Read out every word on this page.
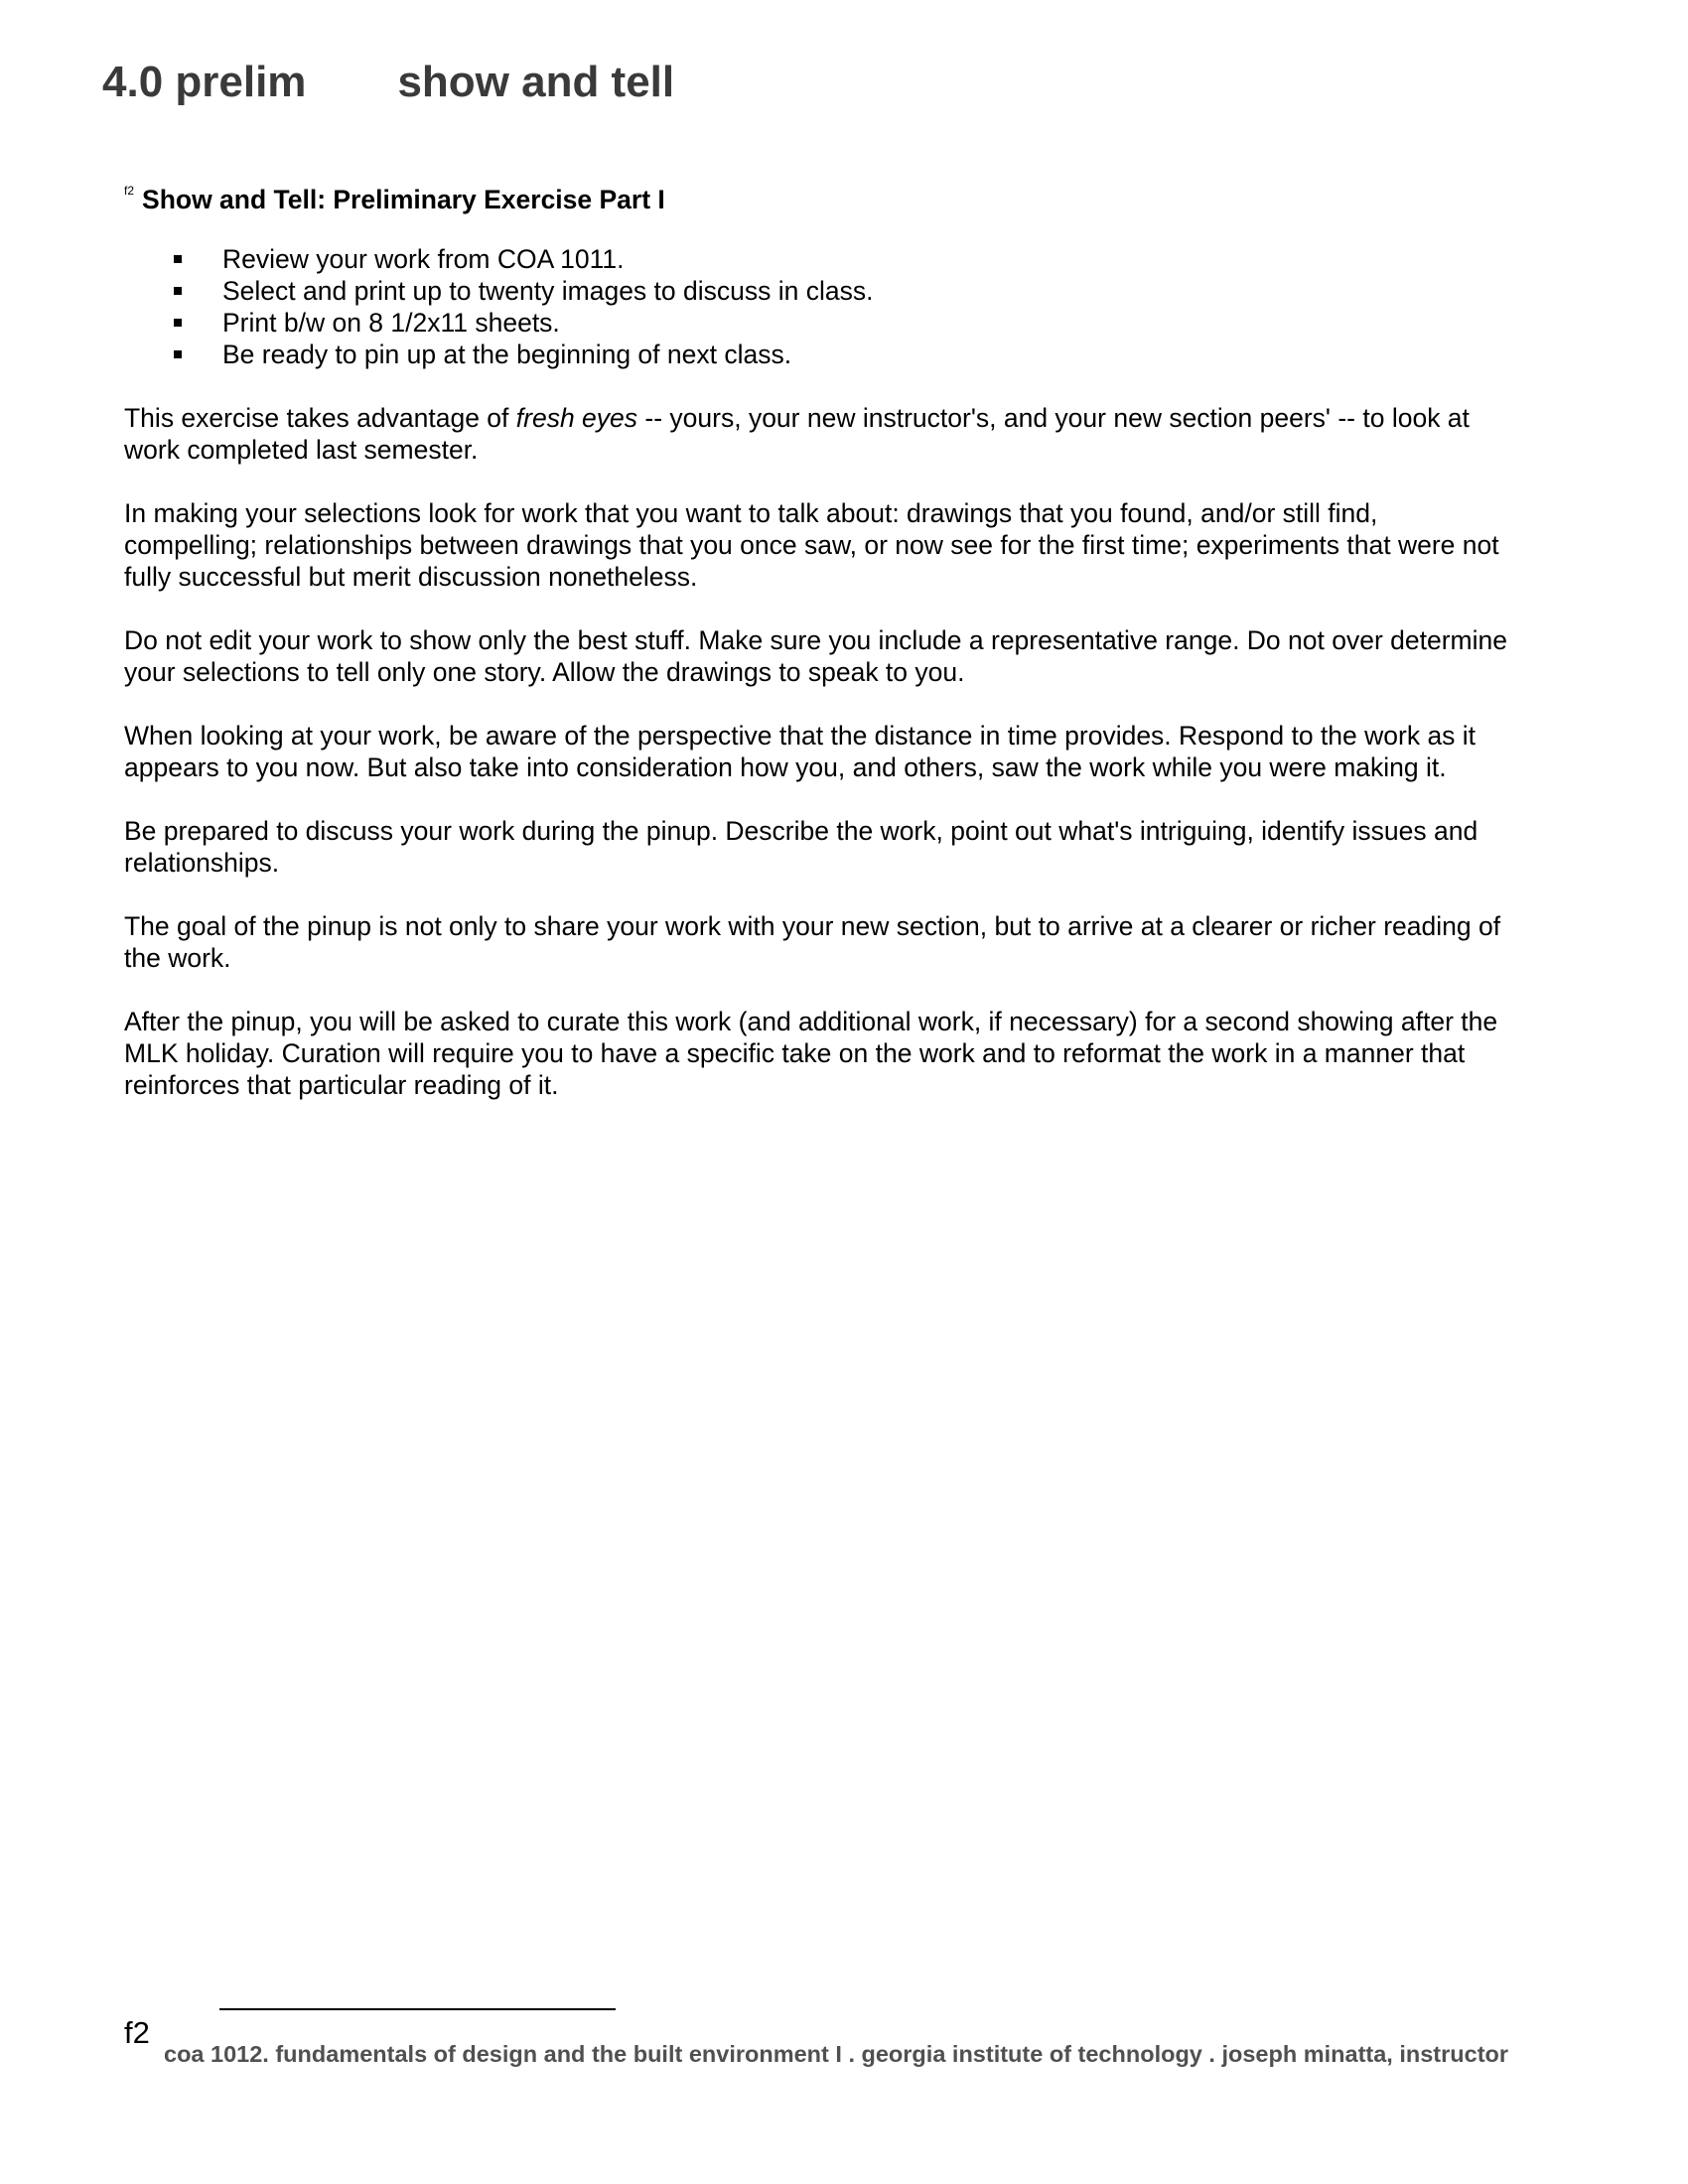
4.0 prelim show and tell
$^{f2}$ Show and Tell: Preliminary Exercise Part I
Review your work from COA 1011.
Select and print up to twenty images to discuss in class.
Print b/w on 8 1/2x11 sheets.
Be ready to pin up at the beginning of next class.

This exercise takes advantage of fresh eyes -- yours, your new instructor's, and your new section peers' -- to look at work completed last semester.

In making your selections look for work that you want to talk about: drawings that you found, and/or still find, compelling; relationships between drawings that you once saw, or now see for the first time; experiments that were not fully successful but merit discussion nonetheless.

Do not edit your work to show only the best stuff. Make sure you include a representative range. Do not over determine your selections to tell only one story. Allow the drawings to speak to you.

When looking at your work, be aware of the perspective that the distance in time provides. Respond to the work as it appears to you now. But also take into consideration how you, and others, saw the work while you were making it.

Be prepared to discuss your work during the pinup. Describe the work, point out what's intriguing, identify issues and relationships.

The goal of the pinup is not only to share your work with your new section, but to arrive at a clearer or richer reading of the work.

After the pinup, you will be asked to curate this work (and additional work, if necessary) for a second showing after the MLK holiday. Curation will require you to have a specific take on the work and to reformat the work in a manner that reinforces that particular reading of it.

f2
coa 1012. fundamentals of design and the built environment I . georgia institute of technology . joseph minatta, instructor
